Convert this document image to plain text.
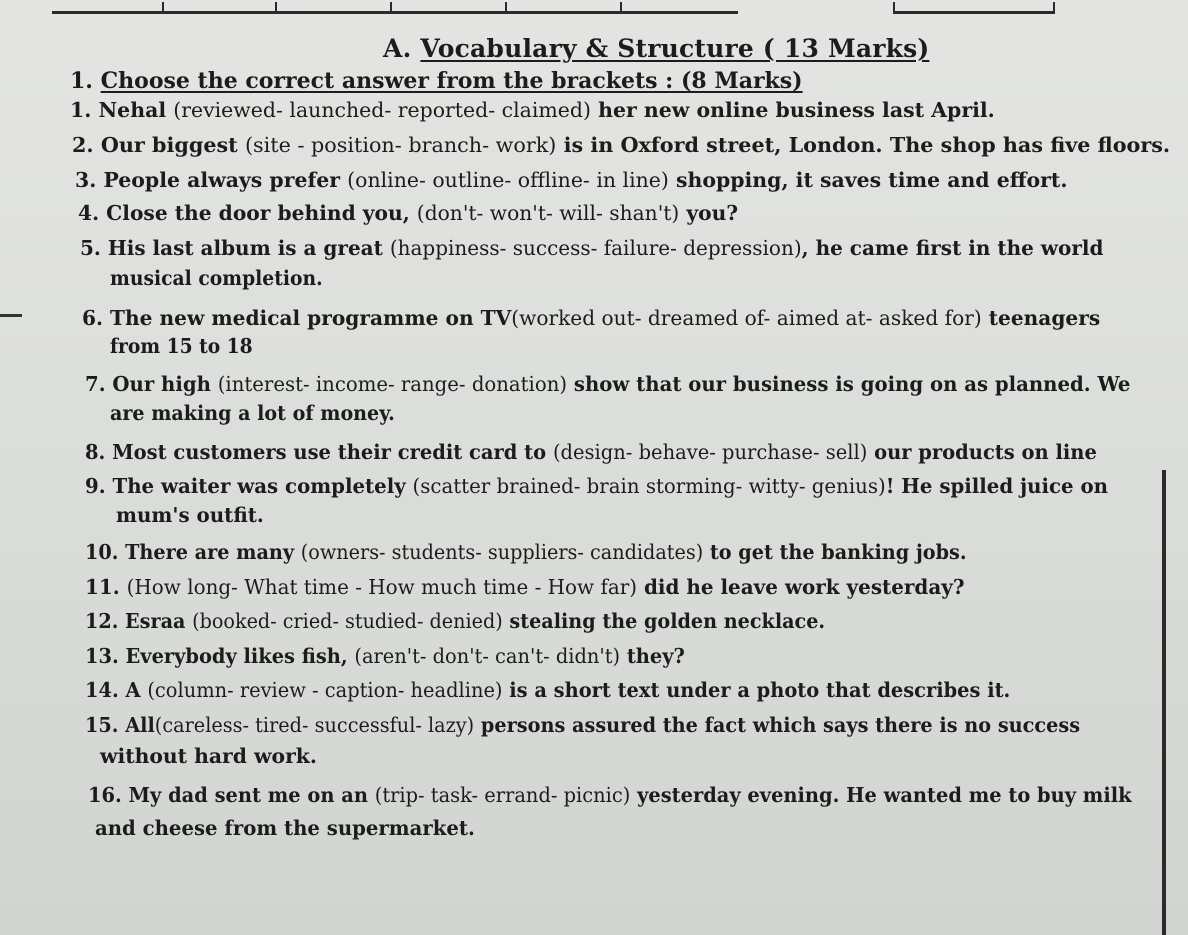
A. Vocabulary & Structure ( 13 Marks)
1. Choose the correct answer from the brackets : (8 Marks)
1. Nehal (reviewed- launched- reported- claimed) her new online business last April.
2. Our biggest (site - position- branch- work) is in Oxford street, London. The shop has five floors.
3. People always prefer (online- outline- offline- in line) shopping, it saves time and effort.
4. Close the door behind you, (don't- won't- will- shan't) you?
5. His last album is a great (happiness- success- failure- depression), he came first in the world
musical completion.
6. The new medical programme on TV(worked out- dreamed of- aimed at- asked for) teenagers
from 15 to 18
7. Our high (interest- income- range- donation) show that our business is going on as planned. We
are making a lot of money.
8. Most customers use their credit card to (design- behave- purchase- sell) our products on line
9. The waiter was completely (scatter brained- brain storming- witty- genius)! He spilled juice on
mum's outfit.
10. There are many (owners- students- suppliers- candidates) to get the banking jobs.
11. (How long- What time - How much time - How far) did he leave work yesterday?
12. Esraa (booked- cried- studied- denied) stealing the golden necklace.
13. Everybody likes fish, (aren't- don't- can't- didn't) they?
14. A (column- review - caption- headline) is a short text under a photo that describes it.
15. All(careless- tired- successful- lazy) persons assured the fact which says there is no success
without hard work.
16. My dad sent me on an (trip- task- errand- picnic) yesterday evening. He wanted me to buy milk
and cheese from the supermarket.
